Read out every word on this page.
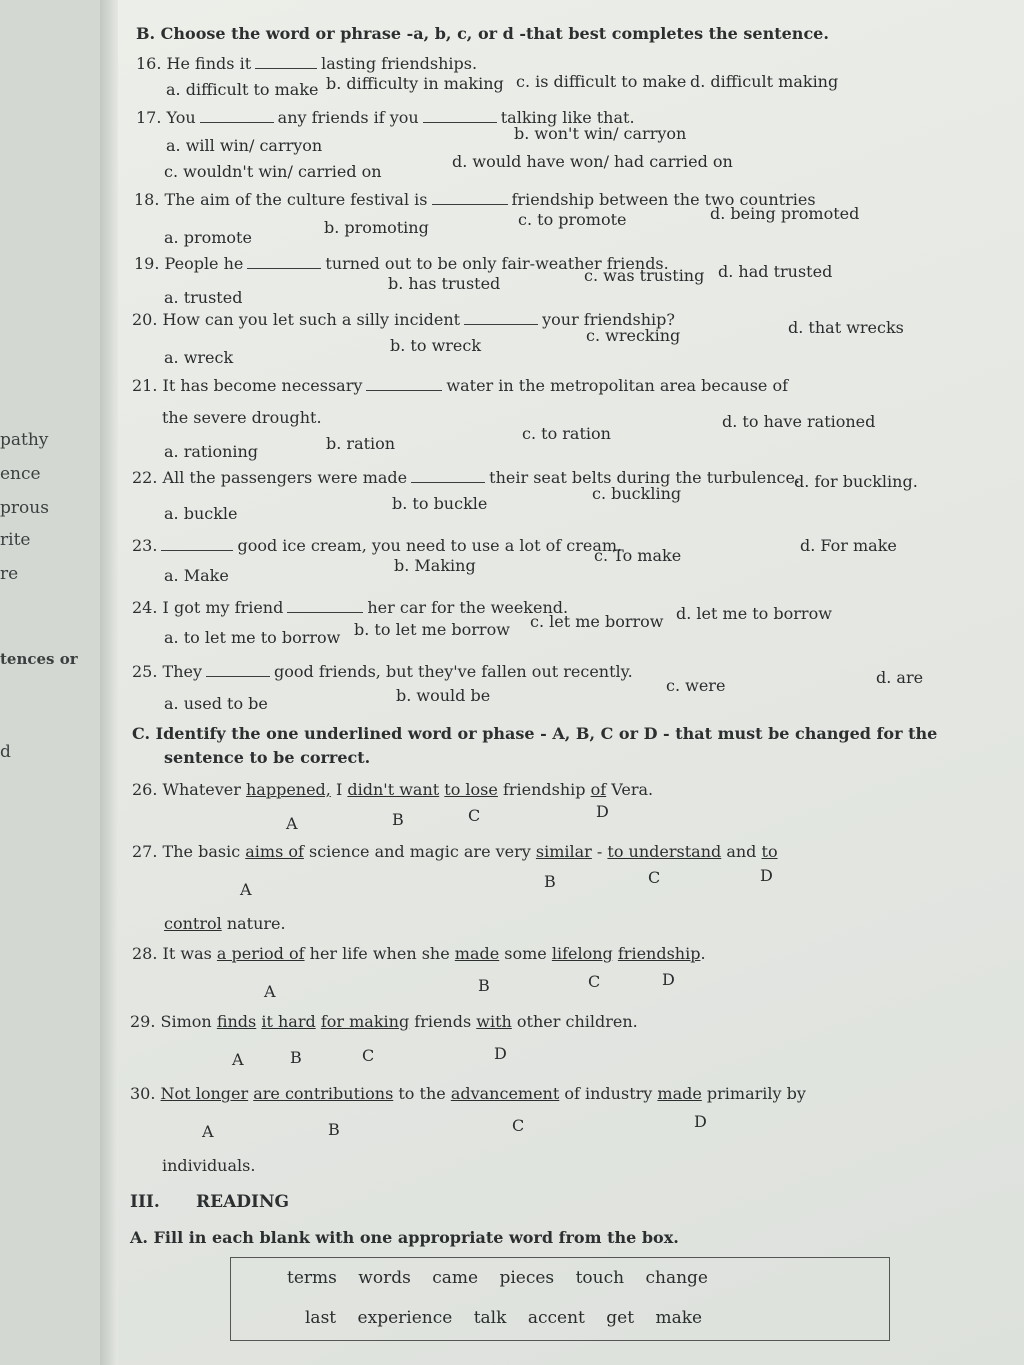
pathy
ence
prous
rite
re
tences or
d
B. Choose the word or phrase -a, b, c, or d -that best completes the sentence.
16. He finds it	lasting friendships.
a. difficult to make b. difficulty in making c. is difficult to make d. difficult making
17. You	any friends if you	talking like that.
a. will win/ carryon
b. won't win/ carryon
c. wouldn't win/ carried on
d. would have won/ had carried on
18. The aim of the culture festival is	friendship between the two countries
a. promote
b. promoting	c. to promote	d. being promoted
19. People he	turned out to be only fair-weather friends.
a. trusted
b. has trusted	c. was trusting d. had trusted
20. How can you let such a silly incident	your friendship?
a. wreck
b. to wreck
c. wrecking	d. that wrecks
21. It has become necessary	water in the metropolitan area because of
the severe drought.
a. rationing	b. ration
c. to ration
d. to have rationed
22. All the passengers were made	their seat belts during the turbulence.
a. buckle
b. to buckle
c. buckling
d. for buckling.
23.	good ice cream, you need to use a lot of cream.
a. Make
b. Making
c. To make
d. For make
24. I got my friend	her car for the weekend.
a. to let me to borrow b. to let me borrow c. let me borrow d. let me to borrow
25. They	good friends, but they've fallen out recently.
a. used to be	b. would be
c. were	d. are
C. Identify the one underlined word or phase - A, B, C or D - that must be changed for the
sentence to be correct.
26. Whatever happened, I didn't want to lose friendship of Vera.
A	B	C	D
27. The basic aims of science and magic are very similar - to understand and to
A	B	C	D
control nature.
28. It was a period of her life when she made some lifelong friendship.
A	B	C	D
29. Simon finds it hard for making friends with other children.
A	B	C	D
30. Not longer are contributions to the advancement of industry made primarily by
A	B	C	D
individuals.
III. READING
A. Fill in each blank with one appropriate word from the box.
terms words came pieces touch change
last experience talk accent get make
